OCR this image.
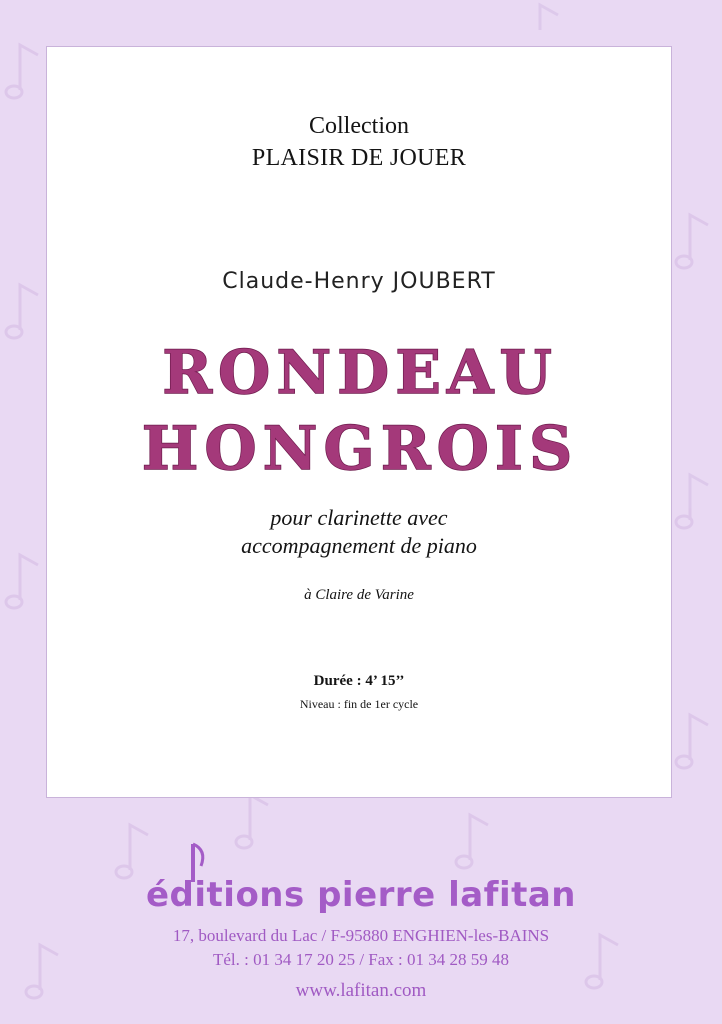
Collection
PLAISIR DE JOUER
Claude-Henry JOUBERT
RONDEAU
HONGROIS
pour clarinette avec
accompagnement de piano
à Claire de Varine
Durée : 4’ 15’’
Niveau : fin de 1er cycle
éditions pierre lafitan
17, boulevard du Lac / F-95880 ENGHIEN-les-BAINS
Tél. : 01 34 17 20 25 / Fax : 01 34 28 59 48
www.lafitan.com
